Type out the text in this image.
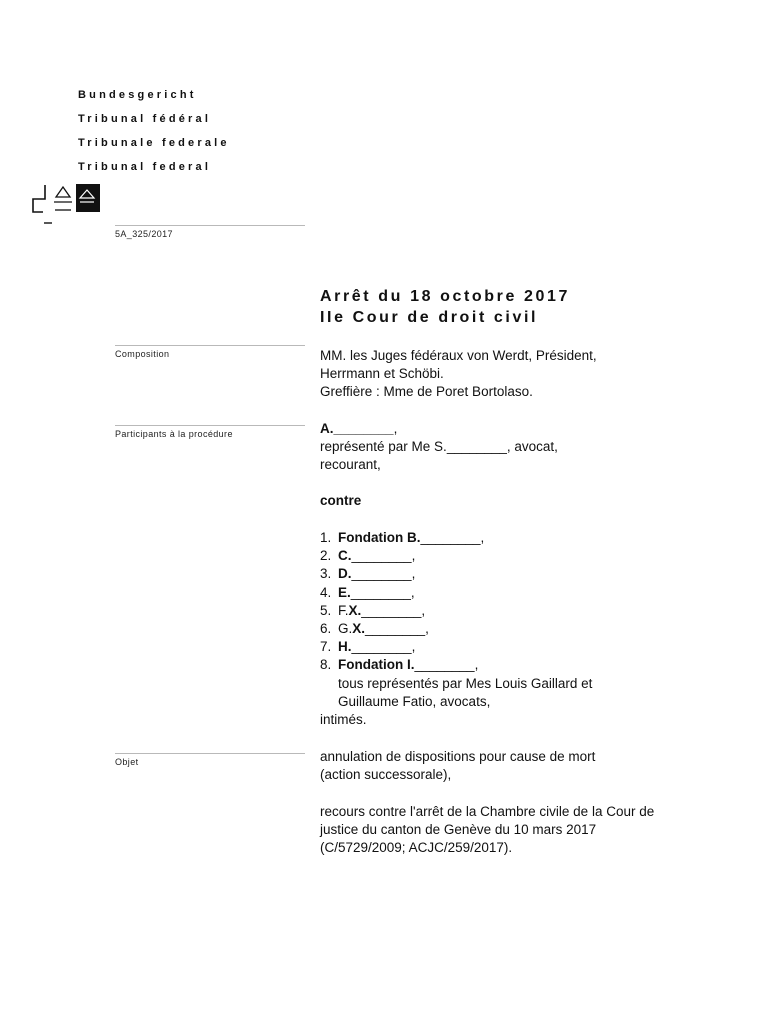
Bundesgericht
Tribunal fédéral
Tribunale federale
Tribunal federal
5A_325/2017
Arrêt du 18 octobre 2017
IIe Cour de droit civil
Composition	MM. les Juges fédéraux von Werdt, Président,
Herrmann et Schöbi.
Greffière : Mme de Poret Bortolaso.
Participants à la procédure	A.________,
représenté par Me S.________, avocat,
recourant,
contre
1. Fondation B.________,
2. C.________,
3. D.________,
4. E.________,
5. F.X.________,
6. G.X.________,
7. H.________,
8. Fondation I.________,
tous représentés par Mes Louis Gaillard et
Guillaume Fatio, avocats,
intimés.
Objet	annulation de dispositions pour cause de mort
(action successorale),
recours contre l'arrêt de la Chambre civile de la Cour de
justice du canton de Genève du 10 mars 2017
(C/5729/2009; ACJC/259/2017).
